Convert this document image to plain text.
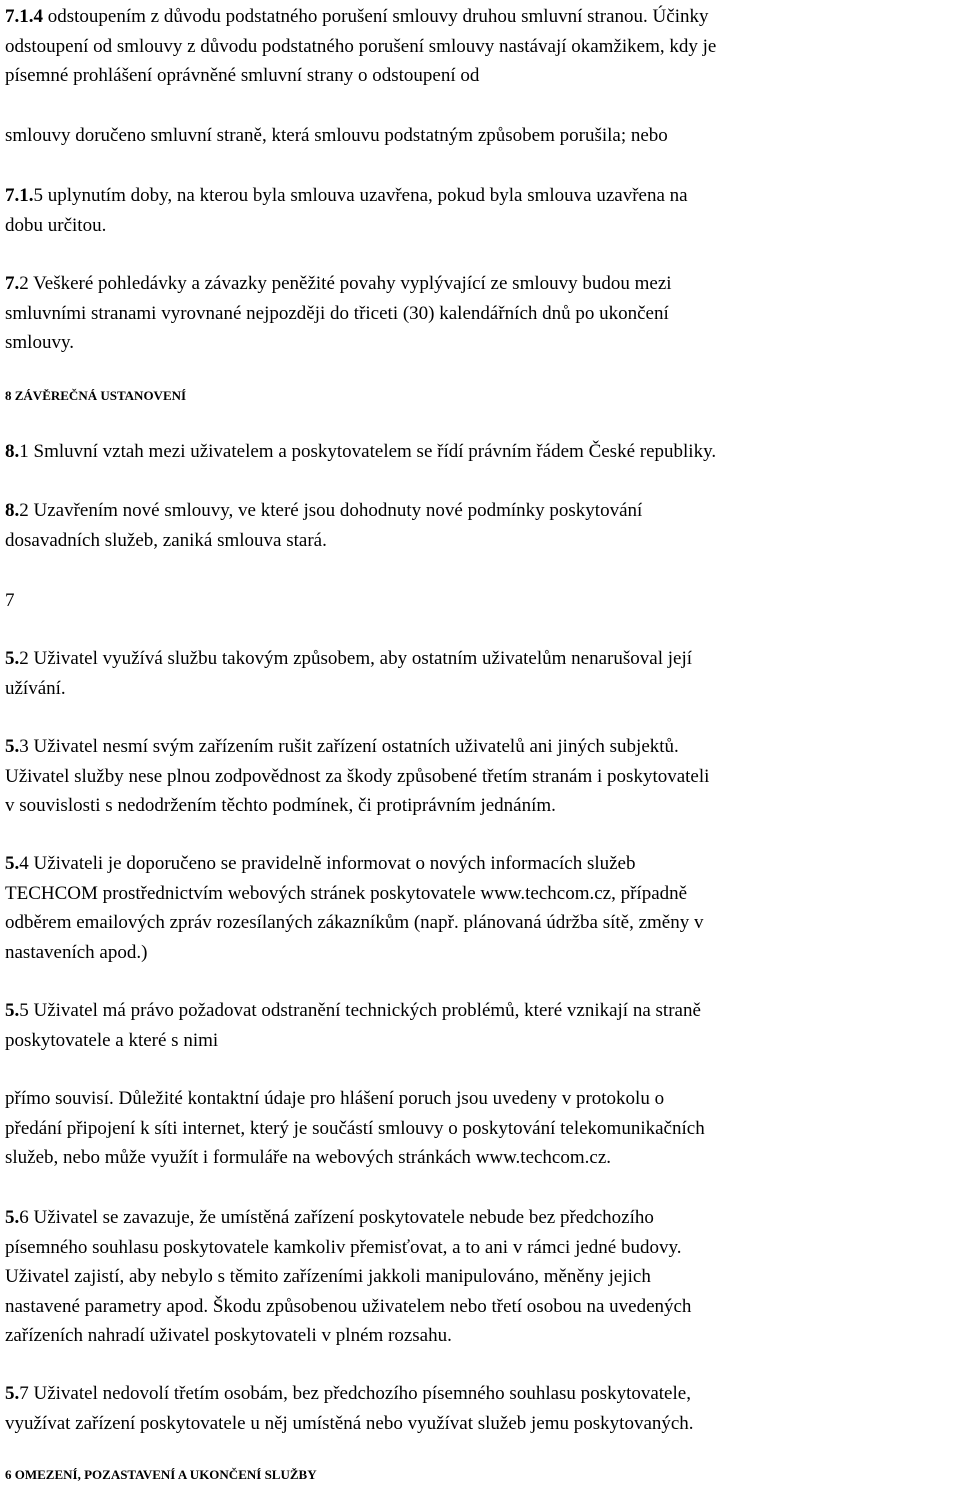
7.1.4 odstoupením z důvodu podstatného porušení smlouvy druhou smluvní stranou. Účinky
odstoupení od smlouvy z důvodu podstatného porušení smlouvy nastávají okamžikem, kdy je
písemné prohlášení oprávněné smluvní strany o odstoupení od

smlouvy doručeno smluvní straně, která smlouvu podstatným způsobem porušila; nebo

7.1.5 uplynutím doby, na kterou byla smlouva uzavřena, pokud byla smlouva uzavřena na
dobu určitou.

7.2 Veškeré pohledávky a závazky peněžité povahy vyplývající ze smlouvy budou mezi
smluvními stranami vyrovnané nejpozději do třiceti (30) kalendářních dnů po ukončení
smlouvy.

8 ZÁVĚREČNÁ USTANOVENÍ

8.1 Smluvní vztah mezi uživatelem a poskytovatelem se řídí právním řádem České republiky.

8.2 Uzavřením nové smlouvy, ve které jsou dohodnuty nové podmínky poskytování
dosavadních služeb, zaniká smlouva stará.

7

5.2 Uživatel využívá službu takovým způsobem, aby ostatním uživatelům nenarušoval její
užívání.

5.3 Uživatel nesmí svým zařízením rušit zařízení ostatních uživatelů ani jiných subjektů.
Uživatel služby nese plnou zodpovědnost za škody způsobené třetím stranám i poskytovateli
v souvislosti s nedodržením těchto podmínek, či protiprávním jednáním.

5.4 Uživateli je doporučeno se pravidelně informovat o nových informacích služeb
TECHCOM prostřednictvím webových stránek poskytovatele www.techcom.cz, případně
odběrem emailových zpráv rozesílaných zákazníkům (např. plánovaná údržba sítě, změny v
nastaveních apod.)

5.5 Uživatel má právo požadovat odstranění technických problémů, které vznikají na straně
poskytovatele a které s nimi

přímo souvisí. Důležité kontaktní údaje pro hlášení poruch jsou uvedeny v protokolu o
předání připojení k síti internet, který je součástí smlouvy o poskytování telekomunikačních
služeb, nebo může využít i formuláře na webových stránkách www.techcom.cz.

5.6 Uživatel se zavazuje, že umístěná zařízení poskytovatele nebude bez předchozího
písemného souhlasu poskytovatele kamkoliv přemisťovat, a to ani v rámci jedné budovy.
Uživatel zajistí, aby nebylo s těmito zařízeními jakkoli manipulováno, měněny jejich
nastavené parametry apod. Škodu způsobenou uživatelem nebo třetí osobou na uvedených
zařízeních nahradí uživatel poskytovateli v plném rozsahu.

5.7 Uživatel nedovolí třetím osobám, bez předchozího písemného souhlasu poskytovatele,
využívat zařízení poskytovatele u něj umístěná nebo využívat služeb jemu poskytovaných.

6 OMEZENÍ, POZASTAVENÍ A UKONČENÍ SLUŽBY
